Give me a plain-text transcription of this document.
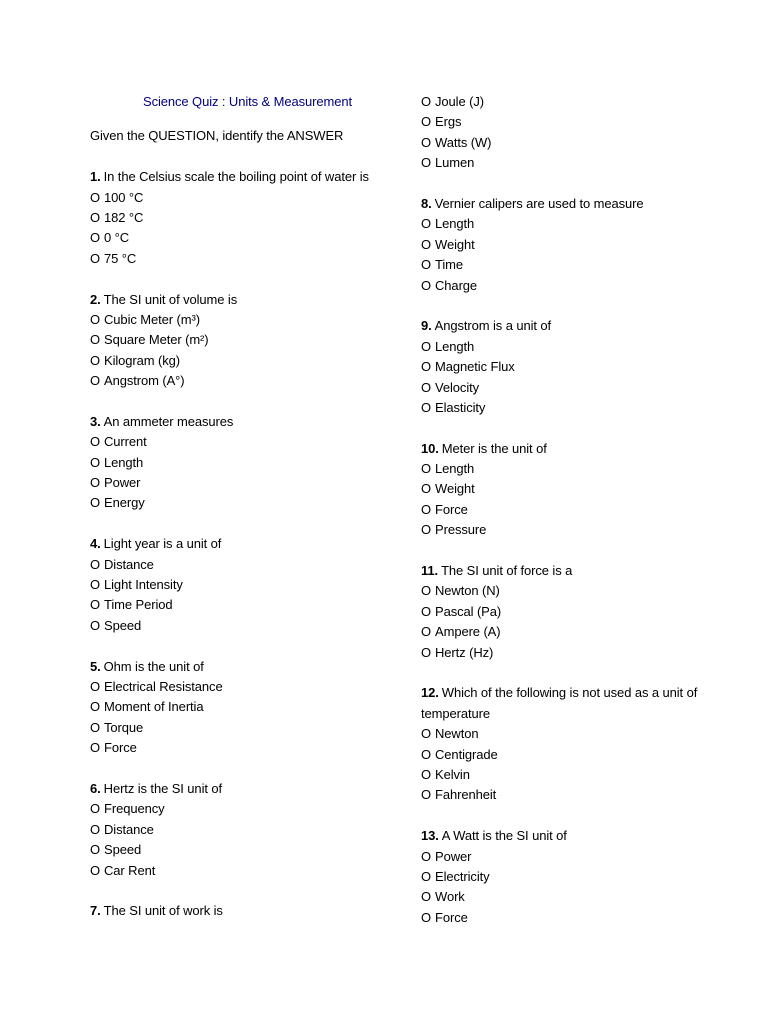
Science Quiz : Units & Measurement
Given the QUESTION, identify the ANSWER
1. In the Celsius scale the boiling point of water is
O 100 °C
O 182 °C
O 0 °C
O 75 °C
2. The SI unit of volume is
O Cubic Meter (m³)
O Square Meter (m²)
O Kilogram (kg)
O Angstrom (A°)
3. An ammeter measures
O Current
O Length
O Power
O Energy
4. Light year is a unit of
O Distance
O Light Intensity
O Time Period
O Speed
5. Ohm is the unit of
O Electrical Resistance
O Moment of Inertia
O Torque
O Force
6. Hertz is the SI unit of
O Frequency
O Distance
O Speed
O Car Rent
7. The SI unit of work is
O Joule (J)
O Ergs
O Watts (W)
O Lumen
8. Vernier calipers are used to measure
O Length
O Weight
O Time
O Charge
9. Angstrom is a unit of
O Length
O Magnetic Flux
O Velocity
O Elasticity
10. Meter is the unit of
O Length
O Weight
O Force
O Pressure
11. The SI unit of force is a
O Newton (N)
O Pascal (Pa)
O Ampere (A)
O Hertz (Hz)
12. Which of the following is not used as a unit of temperature
O Newton
O Centigrade
O Kelvin
O Fahrenheit
13. A Watt is the SI unit of
O Power
O Electricity
O Work
O Force
